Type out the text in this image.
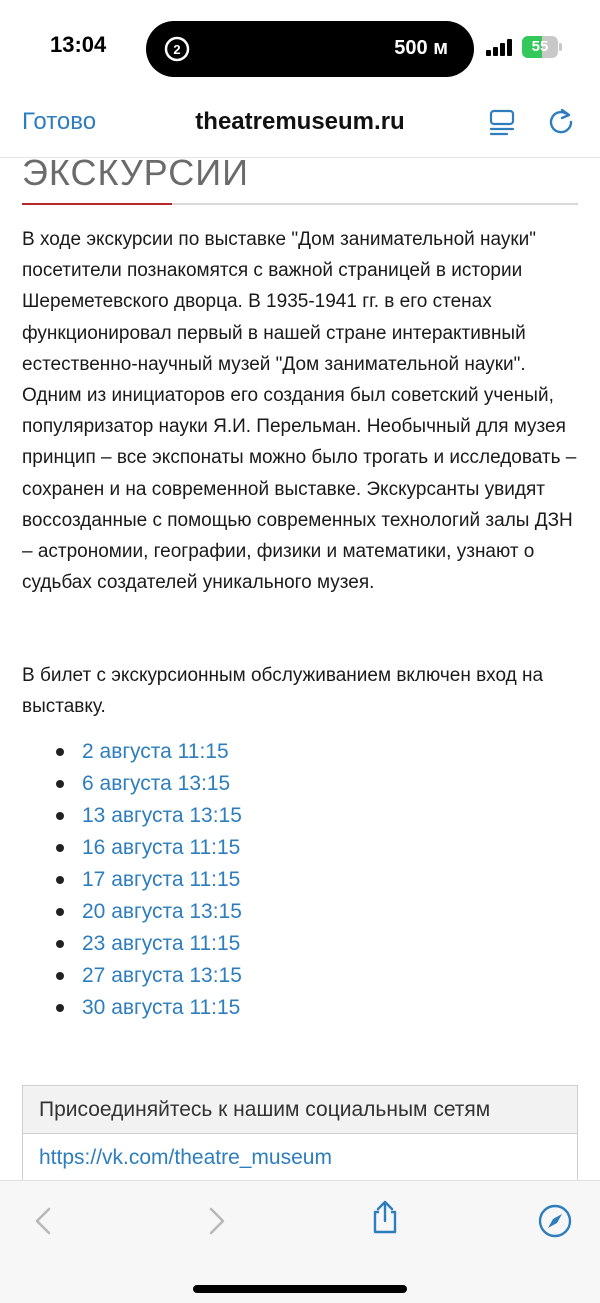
13:04	2	500 м	55
Готово	theatremuseum.ru
ЭКСКУРСИИ

В ходе экскурсии по выставке "Дом занимательной науки" посетители познакомятся с важной страницей в истории Шереметевского дворца. В 1935-1941 гг. в его стенах функционировал первый в нашей стране интерактивный естественно-научный музей "Дом занимательной науки". Одним из инициаторов его создания был советский ученый, популяризатор науки Я.И. Перельман. Необычный для музея принцип – все экспонаты можно было трогать и исследовать – сохранен и на современной выставке. Экскурсанты увидят воссозданные с помощью современных технологий залы ДЗН – астрономии, географии, физики и математики, узнают о судьбах создателей уникального музея.

В билет с экскурсионным обслуживанием включен вход на выставку.

2 августа 11:15
6 августа 13:15
13 августа 13:15
16 августа 11:15
17 августа 11:15
20 августа 13:15
23 августа 11:15
27 августа 13:15
30 августа 11:15
Присоединяйтесь к нашим социальным сетям
https://vk.com/theatre_museum
